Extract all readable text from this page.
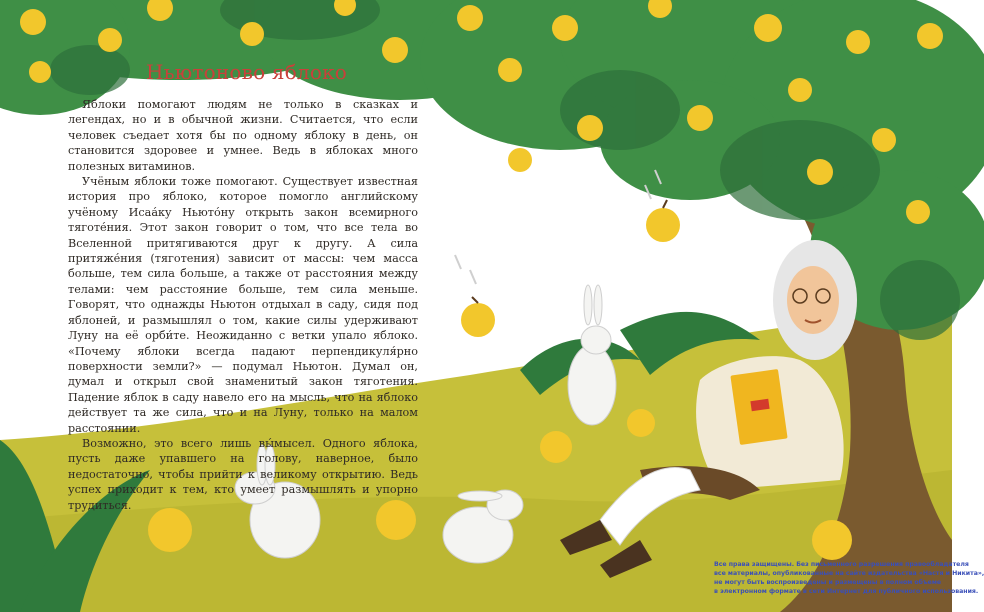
Ньютоново яблоко

Яблоки помогают людям не только в сказках и легендах, но и в обычной жизни. Считается, что если человек съедает хотя бы по одному яблоку в день, он становится здоровее и умнее. Ведь в яблоках много полезных витаминов.

Учёным яблоки тоже помогают. Существует известная история про яблоко, которое помогло английскому учёному Исаа́ку Ньюто́ну открыть закон всемирного тяготе́ния. Этот закон говорит о том, что все тела во Вселенной притягиваются друг к другу. А сила притяже́ния (тяготения) зависит от массы: чем масса больше, тем сила больше, а также от расстояния между телами: чем расстояние больше, тем сила меньше. Говорят, что однажды Ньютон отдыхал в саду, сидя под яблоней, и размышлял о том, какие силы удерживают Луну на её орби́те. Неожиданно с ветки упало яблоко. «Почему яблоки всегда падают перпендикуля́рно поверхности земли?» — подумал Ньютон. Думал он, думал и открыл свой знаменитый закон тяготения. Падение яблок в саду навело его на мысль, что на яблоко действует та же сила, что и на Луну, только на малом расстоянии.

Возможно, это всего лишь вы́мысел. Одного яблока, пусть даже упавшего на голову, наверное, было недостаточно, чтобы прийти к великому открытию. Ведь успех приходит к тем, кто умеет размышлять и упорно трудиться.

Все права защищены. Без письменного разрешения правообладателя
все материалы, опубликованные на сайте издательства «Настя и Никита»,
не могут быть воспроизведены и размещены в полном объеме
в электронном формате в сети Интернет для публичного использования.
